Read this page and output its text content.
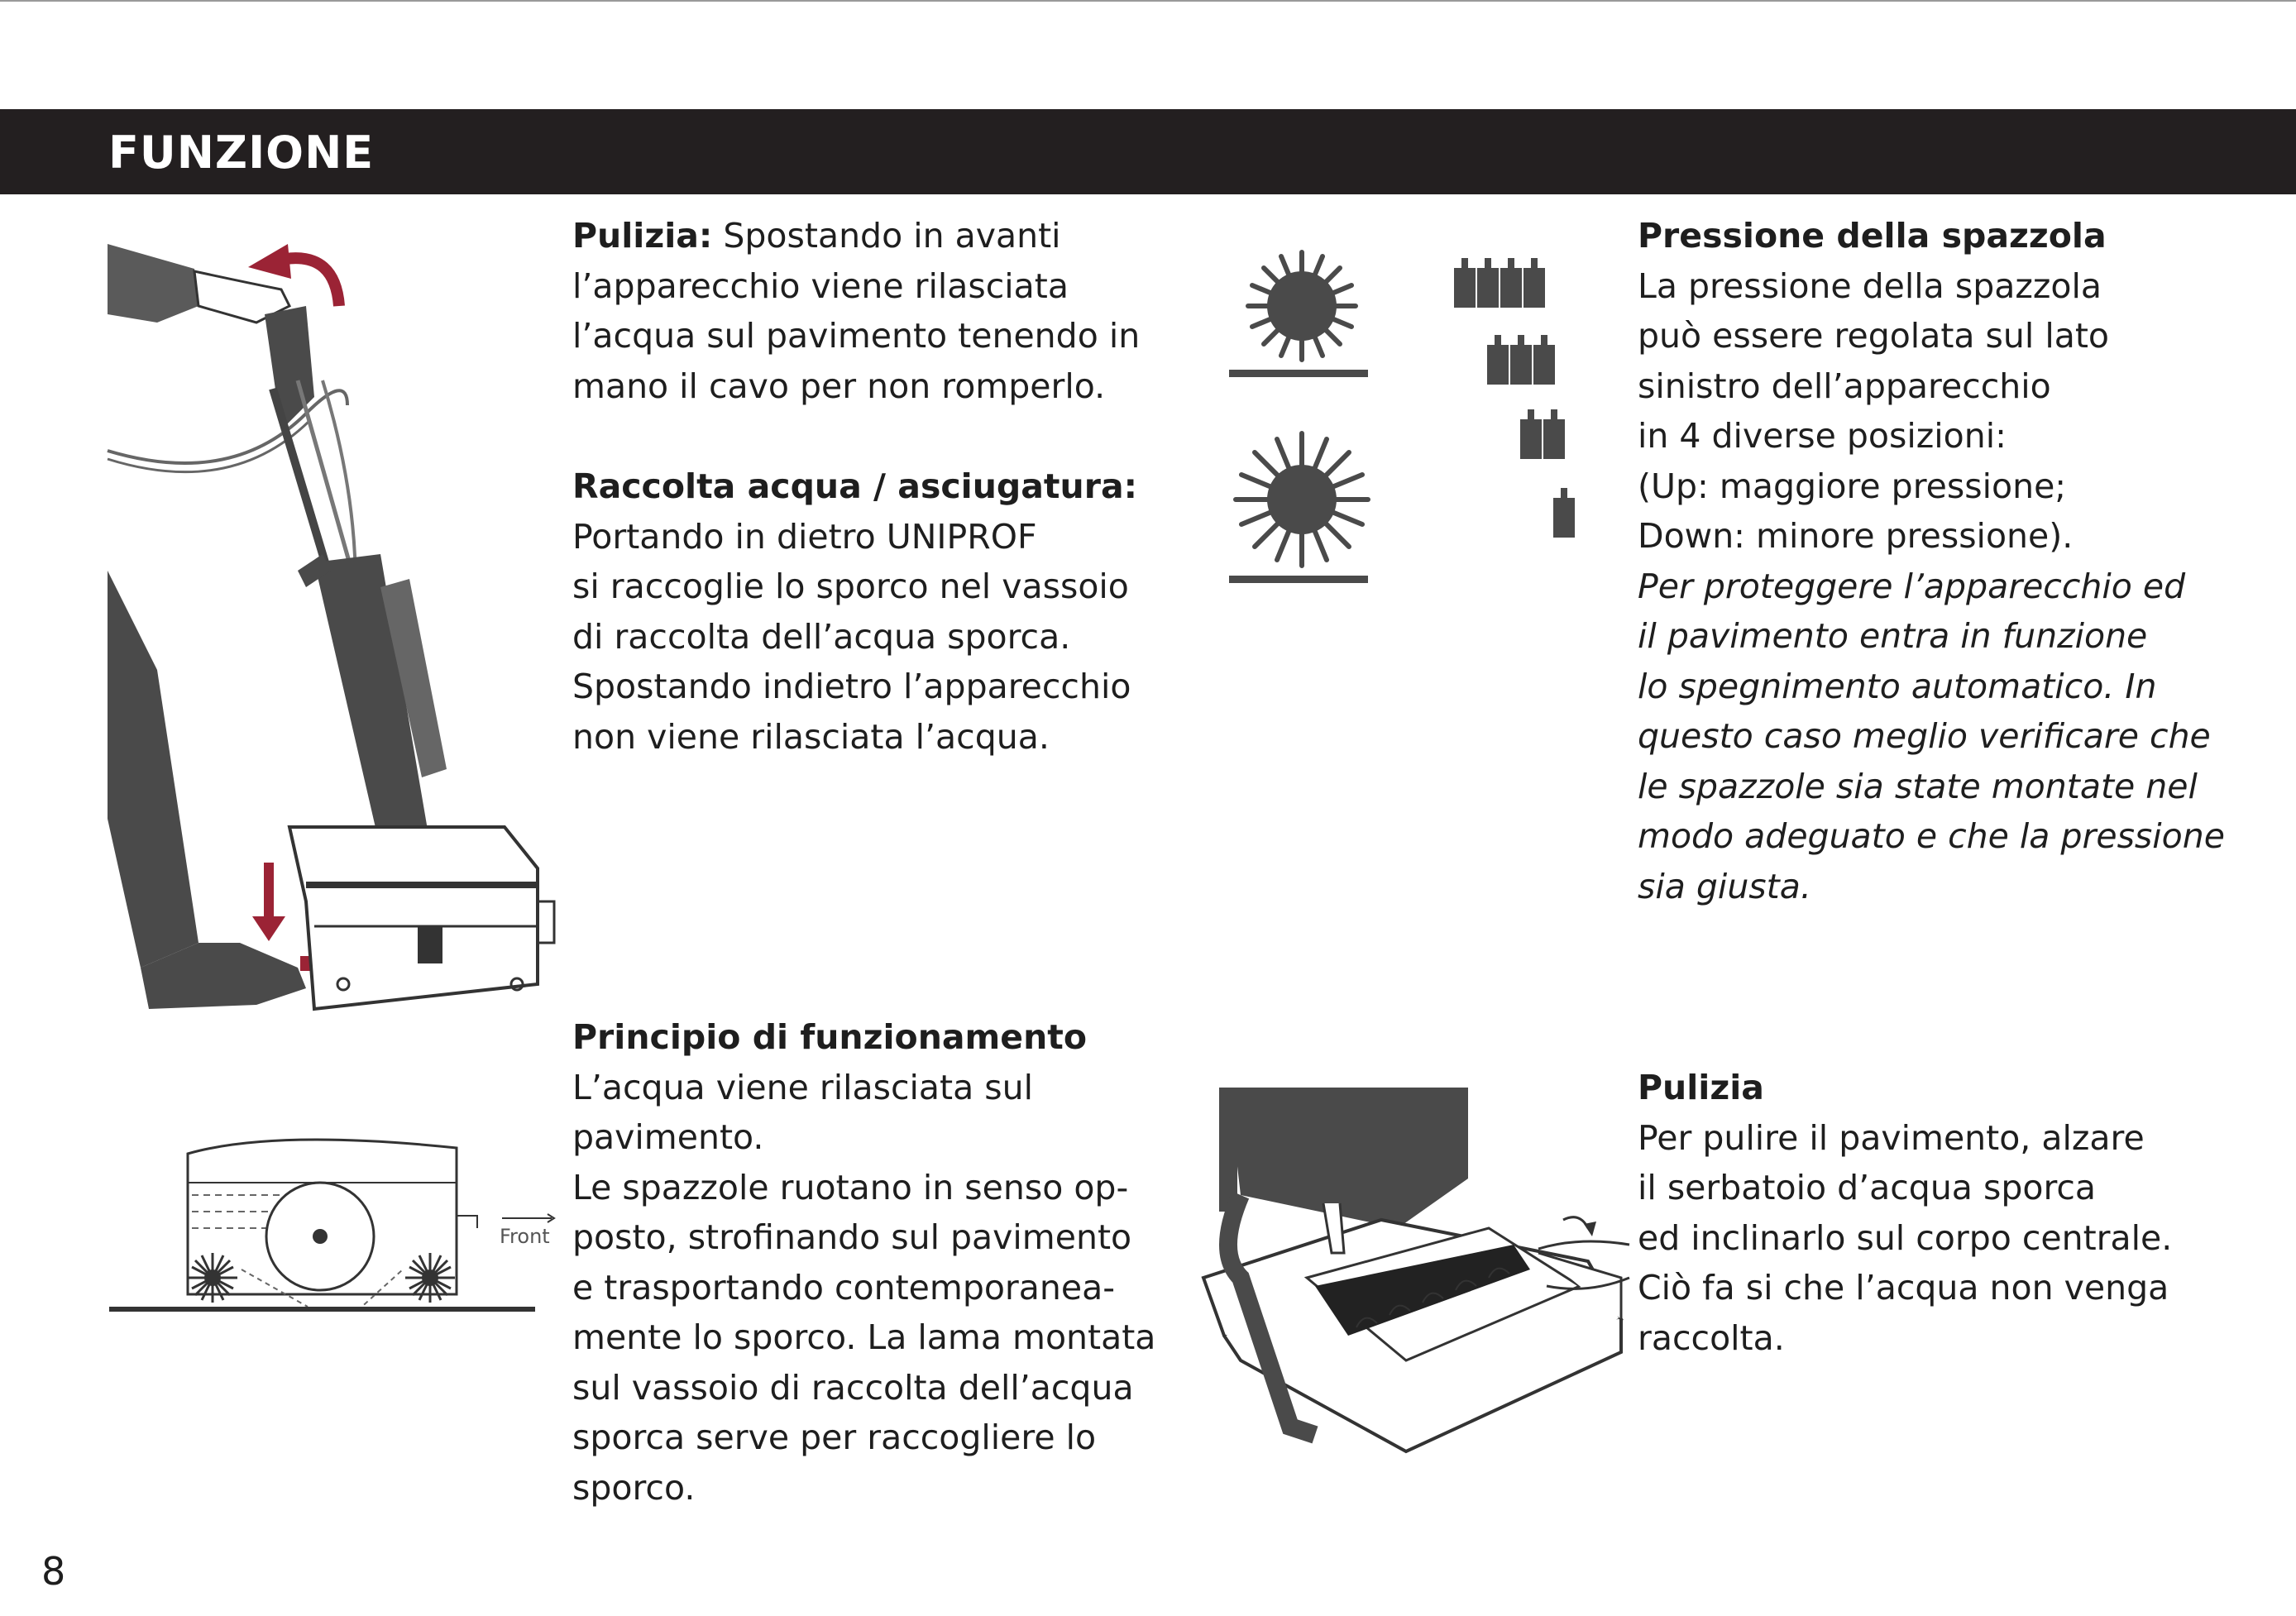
FUNZIONE
Front

Pulizia: Spostando in avanti

l’apparecchio viene rilasciata

l’acqua sul pavimento tenendo in

mano il cavo per non romperlo.

Raccolta acqua / asciugatura:

Portando in dietro UNIPROF

si raccoglie lo sporco nel vassoio

di raccolta dell’acqua sporca.

Spostando indietro l’apparecchio

non viene rilasciata l’acqua.

Principio di funzionamento

L’acqua viene rilasciata sul

pavimento.

Le spazzole ruotano in senso op-

posto, strofinando sul pavimento

e trasportando contemporanea-

mente lo sporco. La lama montata

sul vassoio di raccolta dell’acqua

sporca serve per raccogliere lo

sporco.

Pressione della spazzola

La pressione della spazzola

può essere regolata sul lato

sinistro dell’apparecchio

in 4 diverse posizioni:

(Up: maggiore pressione;

Down: minore pressione).

Per proteggere l’apparecchio ed

il pavimento entra in funzione

lo spegnimento automatico. In

questo caso meglio verificare che

le spazzole sia state montate nel

modo adeguato e che la pressione

sia giusta.

Pulizia

Per pulire il pavimento, alzare

il serbatoio d’acqua sporca

ed inclinarlo sul corpo centrale.

Ciò fa si che l’acqua non venga

raccolta.

8
